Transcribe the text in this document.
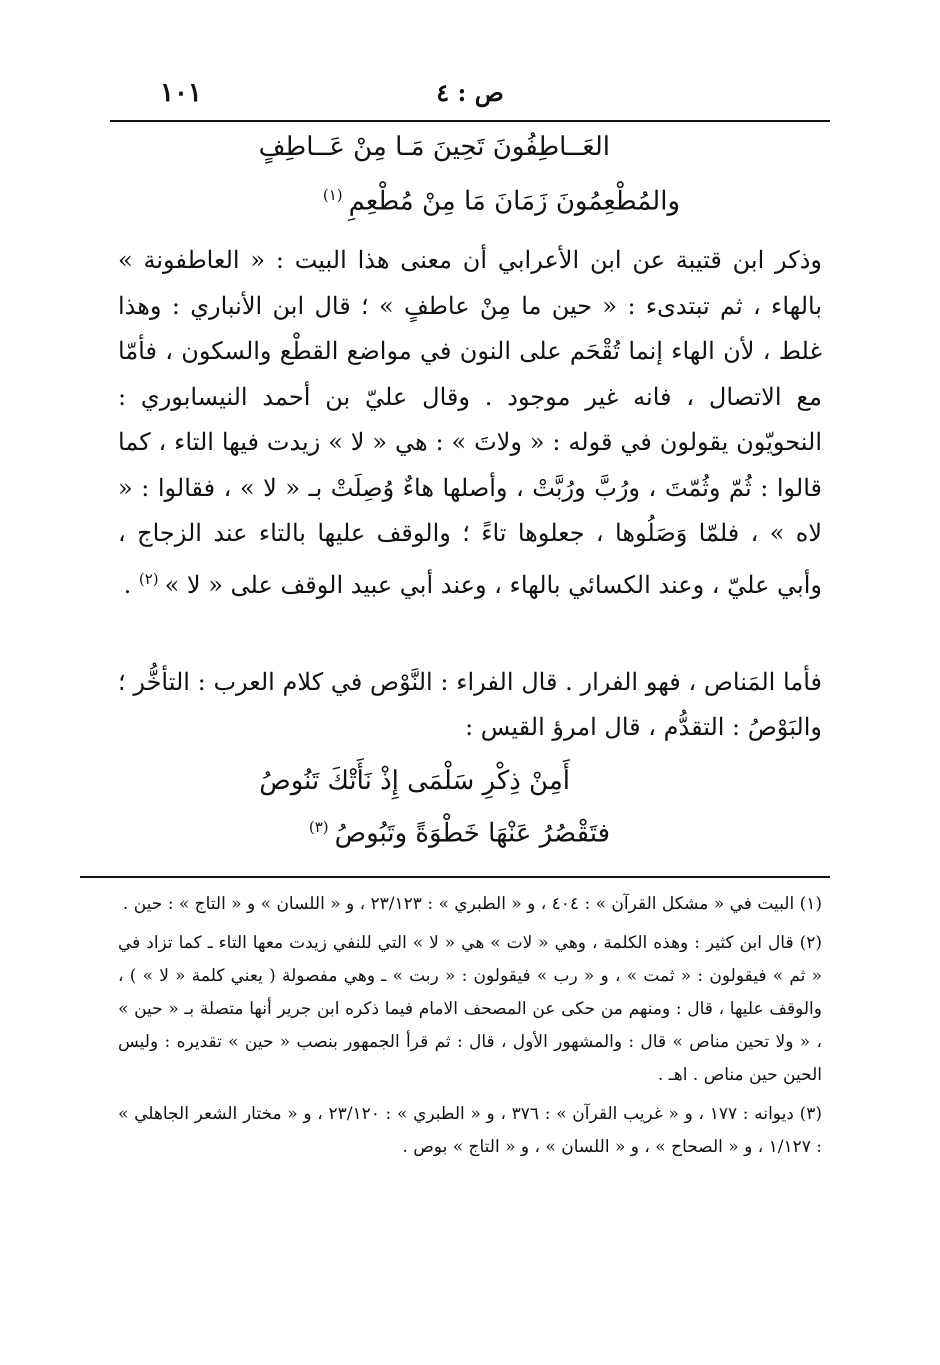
١٠١	ص : ٤
العَــاطِفُونَ تَحِينَ مَـا مِنْ عَــاطِفٍ
والمُطْعِمُونَ زَمَانَ مَا مِنْ مُطْعِمِ$^{(١)}$

وذكر ابن قتيبة عن ابن الأعرابي أن معنى هذا البيت : « العاطفونة » بالهاء ، ثم تبتدىء : « حين ما مِنْ عاطفٍ » ؛ قال ابن الأنباري : وهذا غلط ، لأن الهاء إنما تُقْحَم على النون في مواضع القطْع والسكون ، فأمّا مع الاتصال ، فانه غير موجود . وقال عليّ بن أحمد النيسابوري : النحويّون يقولون في قوله : « ولاتَ » : هي « لا » زيدت فيها التاء ، كما قالوا : ثُمّ وثُمّتَ ، ورُبَّ ورُبَّتْ ، وأصلها هاءٌ وُصِلَتْ بـ « لا » ، فقالوا : « لاه » ، فلمّا وَصَلُوها ، جعلوها تاءً ؛ والوقف عليها بالتاء عند الزجاج ، وأبي عليّ ، وعند الكسائي بالهاء ، وعند أبي عبيد الوقف على « لا »$^{(٢)}$ .

فأما المَناص ، فهو الفرار . قال الفراء : النَّوْص في كلام العرب : التأخُّر ؛ والبَوْصُ : التقدُّم ، قال امرؤ القيس :

أَمِنْ ذِكْرِ سَلْمَى إِذْ نَأَتْكَ تَنُوصُ
فتَقْصُرُ عَنْهَا خَطْوَةً وتَبُوصُ$^{(٣)}$

(١) البيت في « مشكل القرآن » : ٤٠٤ ، و « الطبري » : ٢٣/١٢٣ ، و « اللسان » و « التاج » : حين .

(٢) قال ابن كثير : وهذه الكلمة ، وهي « لات » هي « لا » التي للنفي زيدت معها التاء ـ كما تزاد في « ثم » فيقولون : « ثمت » ، و « رب » فيقولون : « ربت » ـ وهي مفصولة ( يعني كلمة « لا » ) ، والوقف عليها ، قال : ومنهم من حكى عن المصحف الامام فيما ذكره ابن جرير أنها متصلة بـ « حين » ، « ولا تحين مناص » قال : والمشهور الأول ، قال : ثم قرأ الجمهور بنصب « حين » تقديره : وليس الحين حين مناص . اهـ .

(٣) ديوانه : ١٧٧ ، و « غريب القرآن » : ٣٧٦ ، و « الطبري » : ٢٣/١٢٠ ، و « مختار الشعر الجاهلي » : ١/١٢٧ ، و « الصحاح » ، و « اللسان » ، و « التاج » بوص .
